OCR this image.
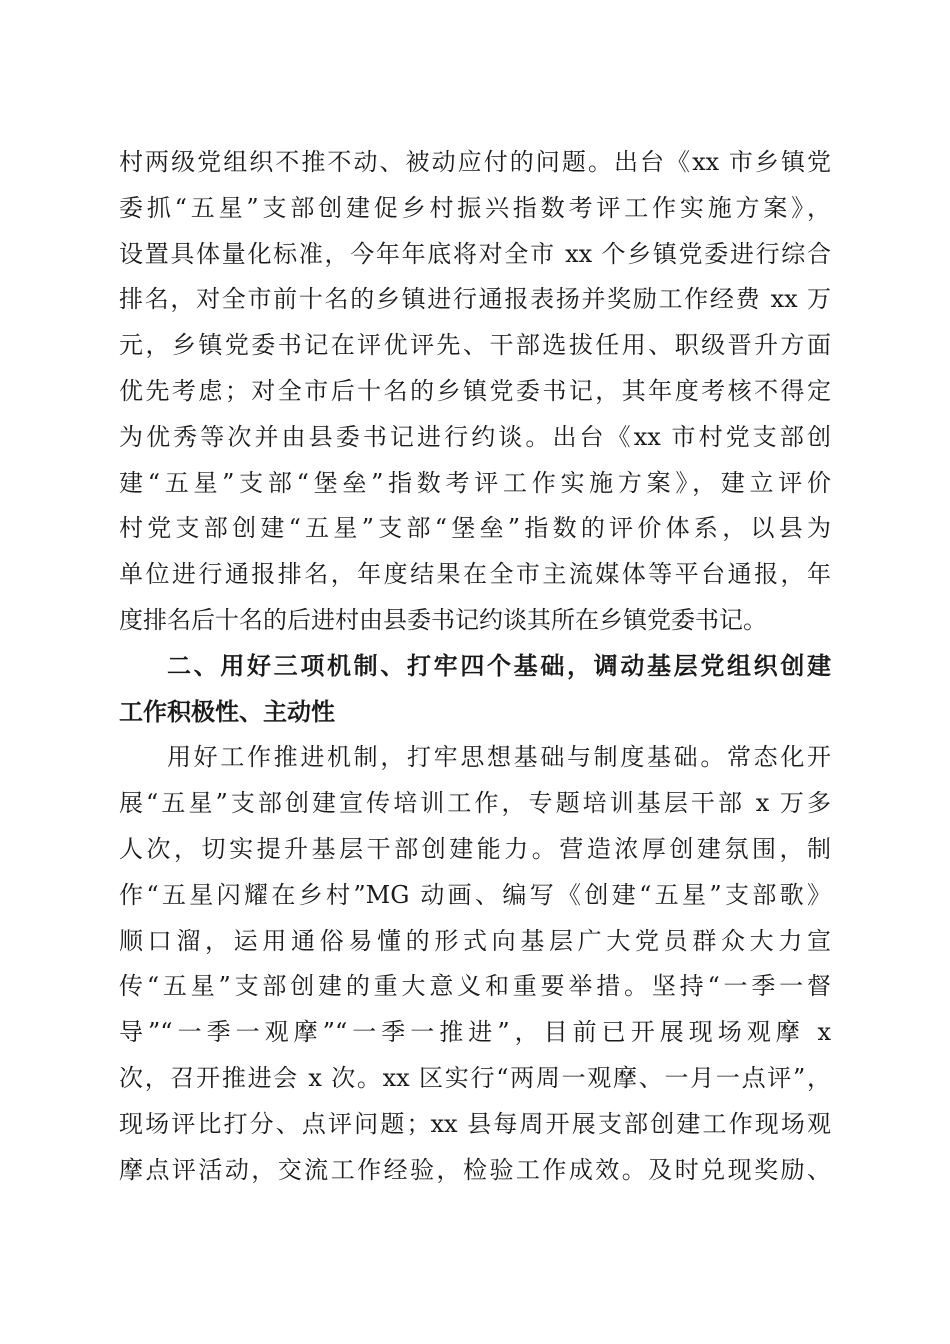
村两级党组织不推不动、被动应付的问题。出台《xx 市乡镇党
委抓“五星”支部创建促乡村振兴指数考评工作实施方案》，
设置具体量化标准，今年年底将对全市 xx 个乡镇党委进行综合
排名，对全市前十名的乡镇进行通报表扬并奖励工作经费 xx 万
元，乡镇党委书记在评优评先、干部选拔任用、职级晋升方面
优先考虑；对全市后十名的乡镇党委书记，其年度考核不得定
为优秀等次并由县委书记进行约谈。出台《xx 市村党支部创
建“五星”支部“堡垒”指数考评工作实施方案》，建立评价
村党支部创建“五星”支部“堡垒”指数的评价体系，以县为
单位进行通报排名，年度结果在全市主流媒体等平台通报，年
度排名后十名的后进村由县委书记约谈其所在乡镇党委书记。
二、用好三项机制、打牢四个基础，调动基层党组织创建
工作积极性、主动性
用好工作推进机制，打牢思想基础与制度基础。常态化开
展“五星”支部创建宣传培训工作，专题培训基层干部 x 万多
人次，切实提升基层干部创建能力。营造浓厚创建氛围，制
作“五星闪耀在乡村”MG 动画、编写《创建“五星”支部歌》
顺口溜，运用通俗易懂的形式向基层广大党员群众大力宣
传“五星”支部创建的重大意义和重要举措。坚持“一季一督
导”“一季一观摩”“一季一推进”，目前已开展现场观摩 x
次，召开推进会 x 次。xx 区实行“两周一观摩、一月一点评”，
现场评比打分、点评问题；xx 县每周开展支部创建工作现场观
摩点评活动，交流工作经验，检验工作成效。及时兑现奖励、
